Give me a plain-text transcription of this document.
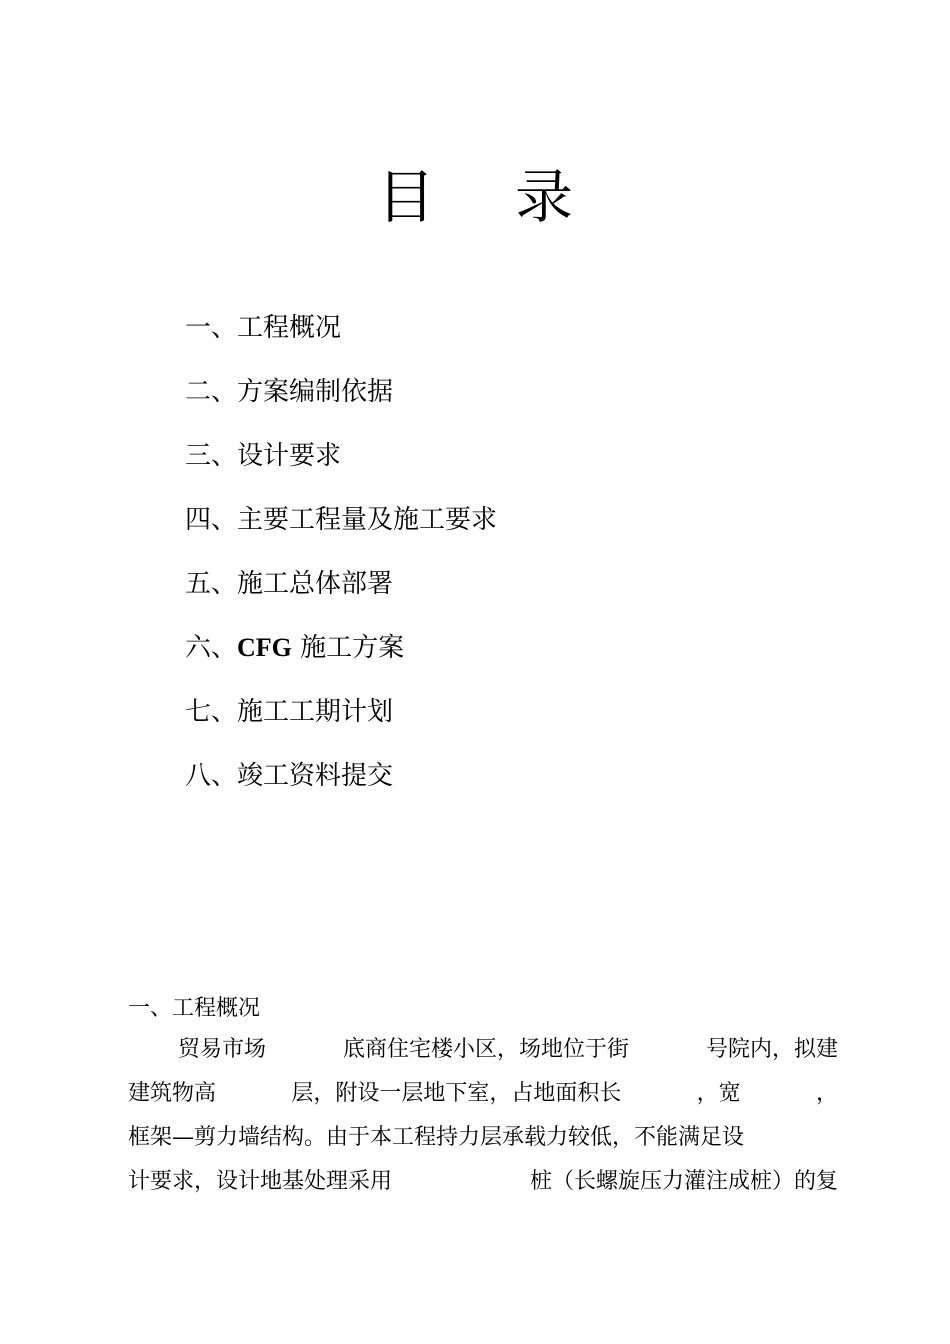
目 录
一、工程概况
二、方案编制依据
三、设计要求
四、主要工程量及施工要求
五、施工总体部署
六、CFG 施工方案
七、施工工期计划
八、竣工资料提交
一、工程概况
贸易市场	底商住宅楼小区，场地位于街	号院内，拟建
建筑物高	层，附设一层地下室，占地面积长	，宽	，
框架—剪力墙结构。由于本工程持力层承载力较低，不能满足设
计要求，设计地基处理采用	桩（长螺旋压力灌注成桩）的复
